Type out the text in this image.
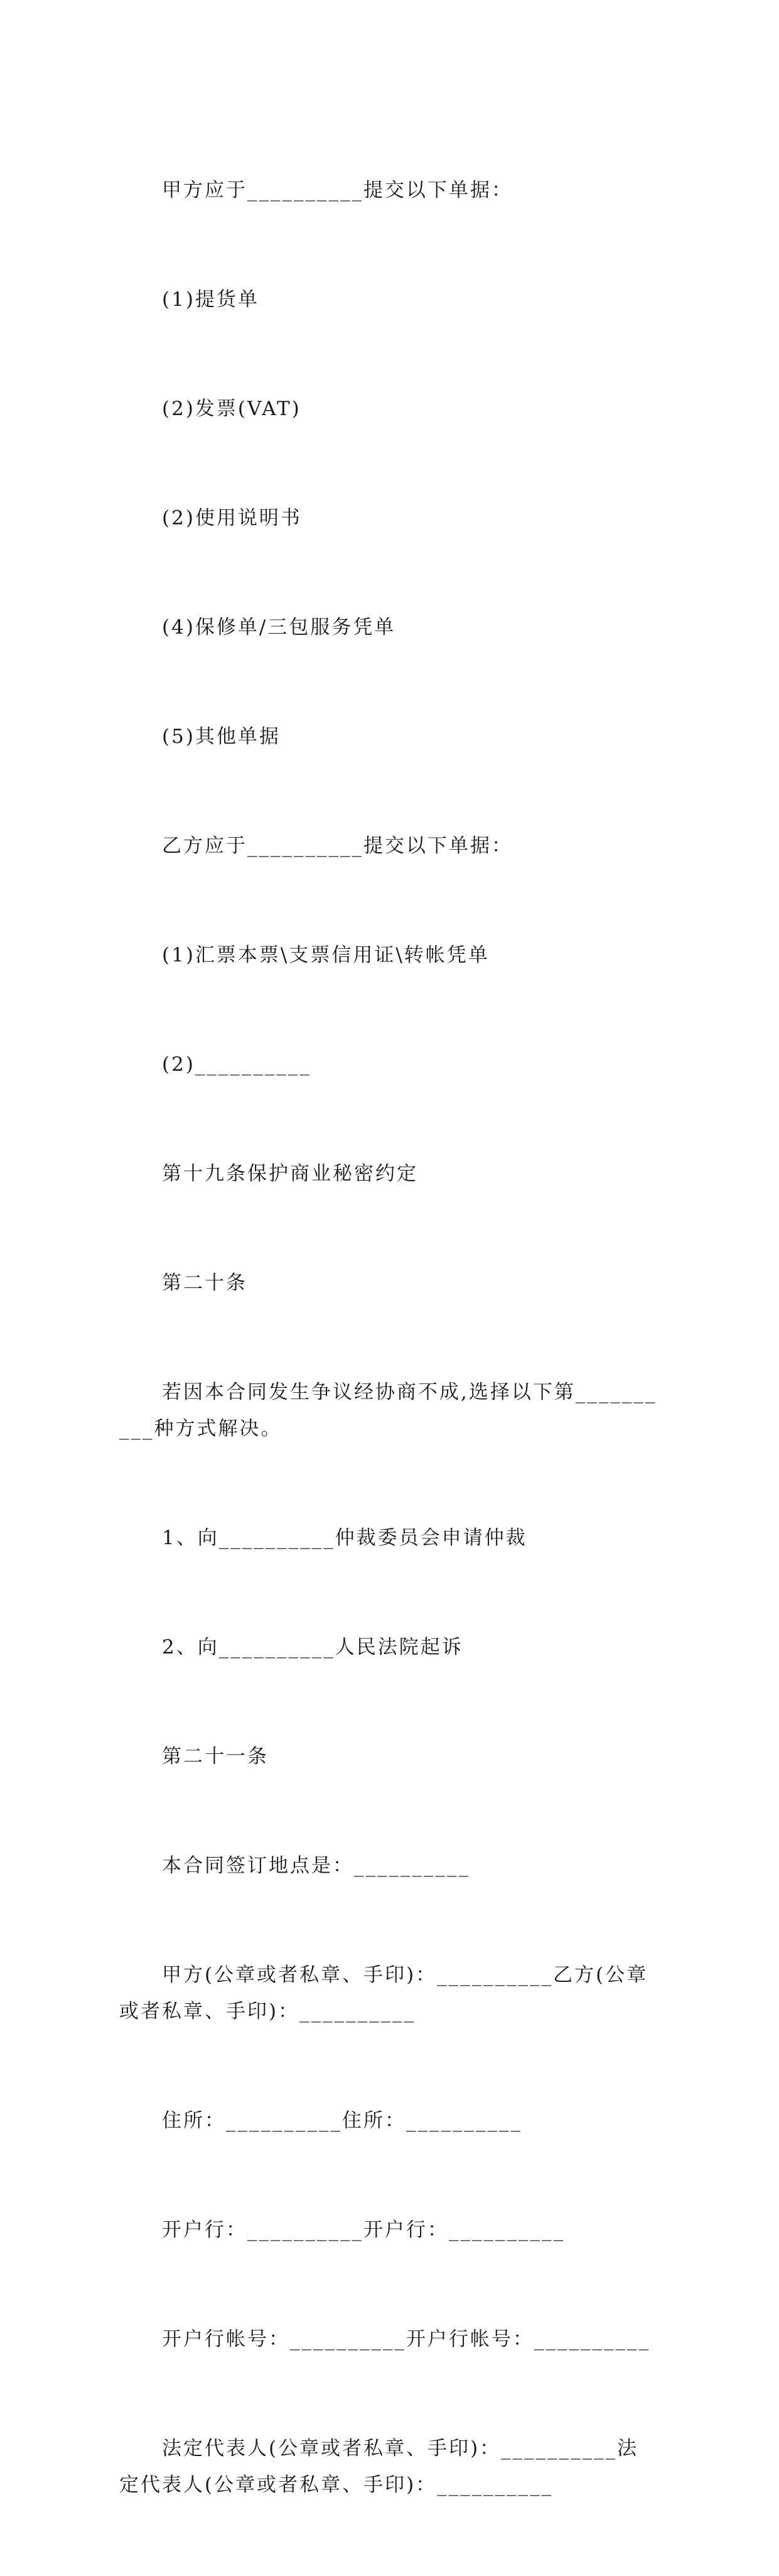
甲方应于__________提交以下单据：

(1)提货单

(2)发票(VAT)

(2)使用说明书

(4)保修单/三包服务凭单

(5)其他单据

乙方应于__________提交以下单据：

(1)汇票本票\支票信用证\转帐凭单

(2)__________

第十九条保护商业秘密约定

第二十条

若因本合同发生争议经协商不成,选择以下第__________种方式解决。

1、向__________仲裁委员会申请仲裁

2、向__________人民法院起诉

第二十一条

本合同签订地点是：__________

甲方(公章或者私章、手印)：__________乙方(公章或者私章、手印)：__________

住所：__________住所：__________

开户行：__________开户行：__________

开户行帐号：__________开户行帐号：__________

法定代表人(公章或者私章、手印)：__________法定代表人(公章或者私章、手印)：__________
